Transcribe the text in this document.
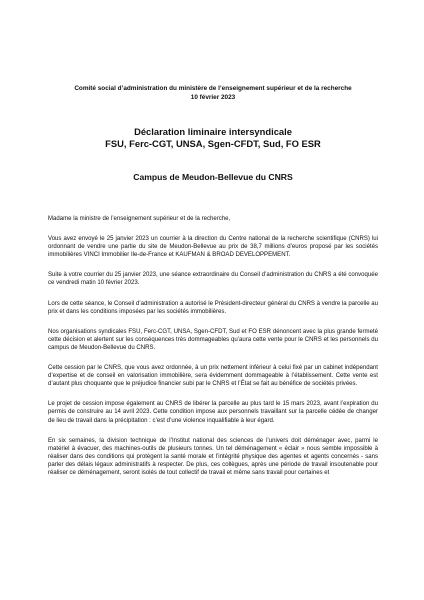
Comité social d’administration du ministère de l’enseignement supérieur et de la recherche
10 février 2023
Déclaration liminaire intersyndicale
FSU, Ferc-CGT, UNSA, Sgen-CFDT, Sud, FO ESR
Campus de Meudon-Bellevue du CNRS

Madame la ministre de l’enseignement supérieur et de la recherche,

Vous avez envoyé le 25 janvier 2023 un courrier à la direction du Centre national de la recherche scientifique (CNRS) lui ordonnant de vendre une partie du site de Meudon-Bellevue au prix de 38,7 millions d’euros proposé par les sociétés immobilières VINCI Immobilier Ile-de-France et KAUFMAN & BROAD DEVELOPPEMENT.

Suite à votre courrier du 25 janvier 2023, une séance extraordinaire du Conseil d’administration du CNRS a été convoquée ce vendredi matin 10 février 2023.

Lors de cette séance, le Conseil d’administration a autorisé le Président-directeur général du CNRS à vendre la parcelle au prix et dans les conditions imposées par les sociétés immobilières.

Nos organisations syndicales FSU, Ferc-CGT, UNSA, Sgen-CFDT, Sud et FO ESR dénoncent avec la plus grande fermeté cette décision et alertent sur les conséquences très dommageables qu’aura cette vente pour le CNRS et les personnels du campus de Meudon-Bellevue du CNRS.

Cette cession par le CNRS, que vous avez ordonnée, à un prix nettement inférieur à celui fixé par un cabinet indépendant d’expertise et de conseil en valorisation immobilière, sera évidemment dommageable à l’établissement. Cette vente est d’autant plus choquante que le préjudice financier subi par le CNRS et l’État se fait au bénéfice de sociétés privées.

Le projet de cession impose également au CNRS de libérer la parcelle au plus tard le 15 mars 2023, avant l’expiration du permis de construire au 14 avril 2023. Cette condition impose aux personnels travaillant sur la parcelle cédée de changer de lieu de travail dans la précipitation : c’est d’une violence inqualifiable à leur égard.

En six semaines, la division technique de l’Institut national des sciences de l’univers doit déménager avec, parmi le matériel à évacuer, des machines-outils de plusieurs tonnes. Un tel déménagement « éclair » nous semble impossible à réaliser dans des conditions qui protègent la santé morale et l’intégrité physique des agentes et agents concernés - sans parler des délais légaux administratifs à respecter. De plus, ces collègues, après une période de travail insoutenable pour réaliser ce déménagement, seront isolés de tout collectif de travail et même sans travail pour certaines et
